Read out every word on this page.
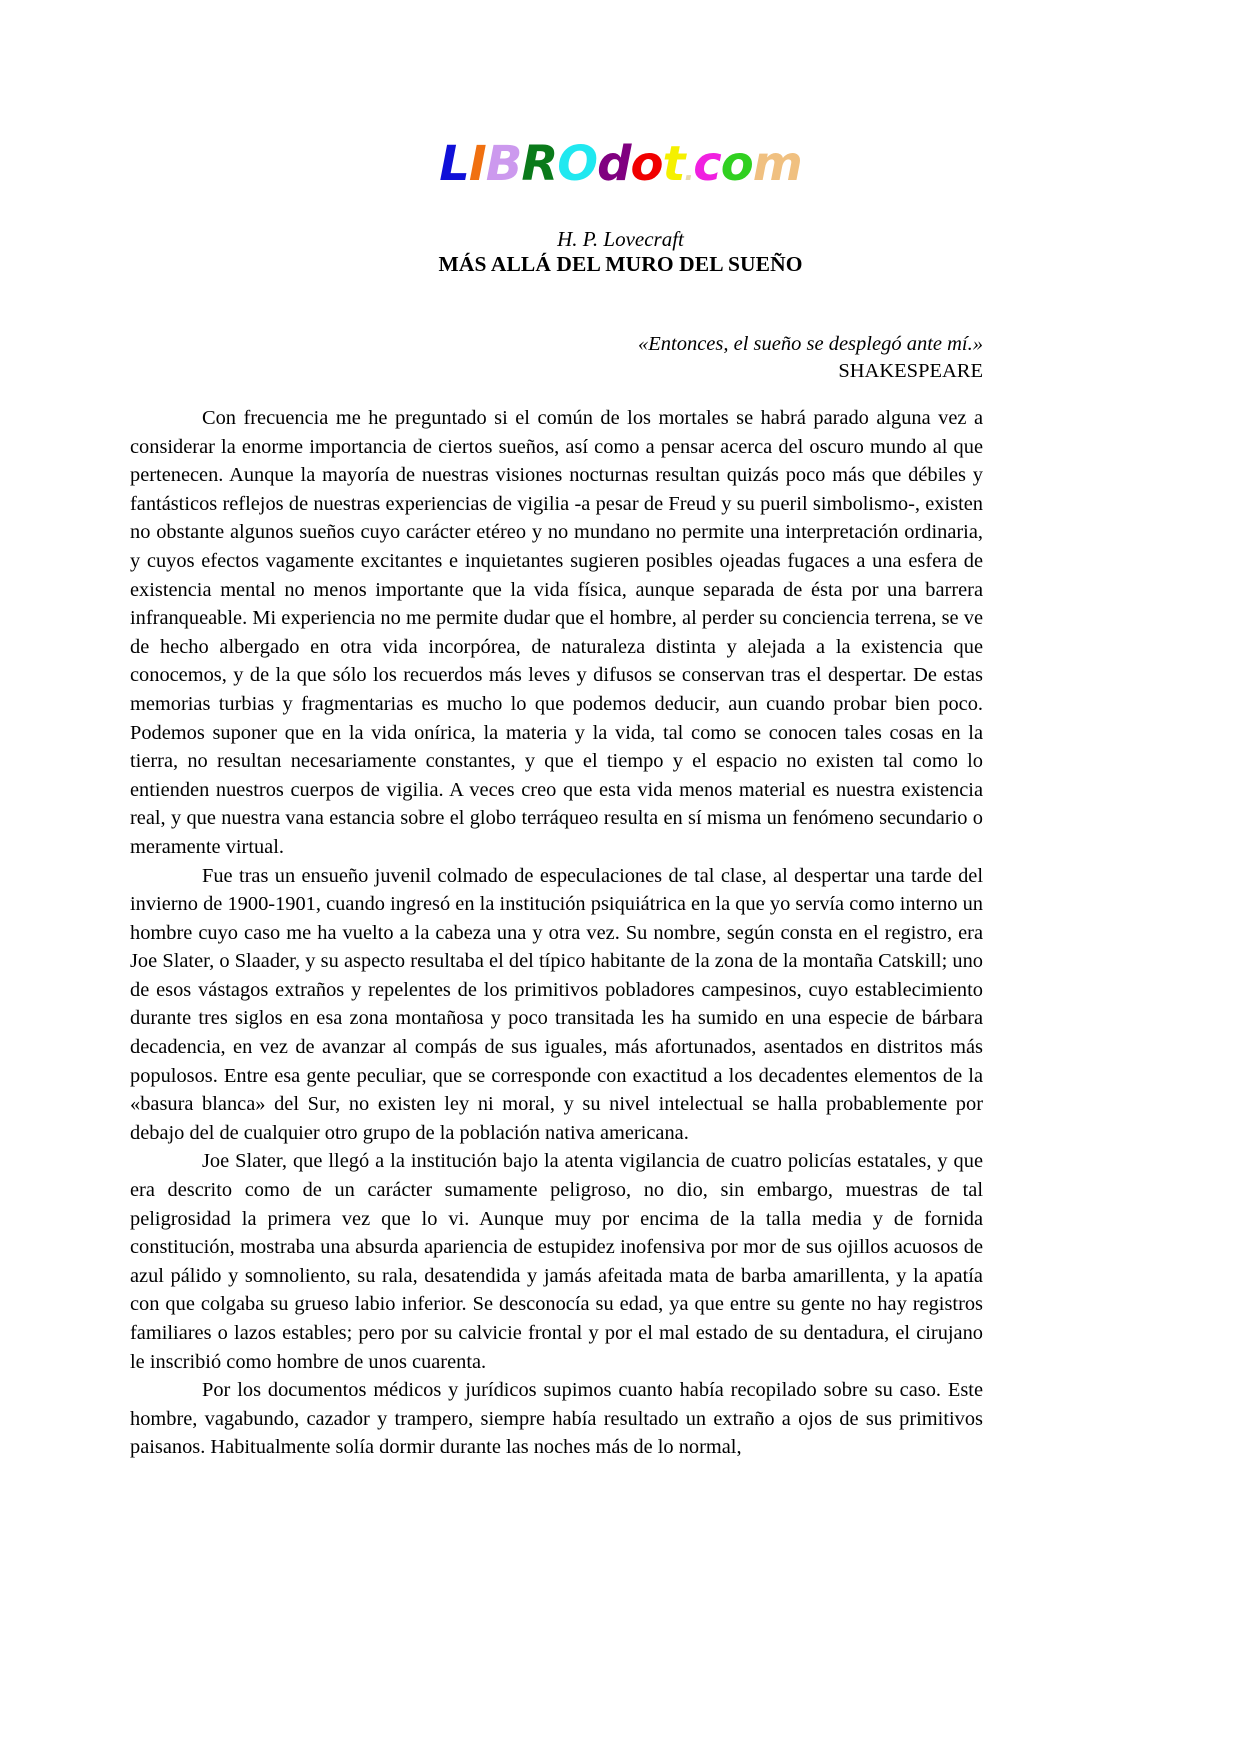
LIBROdot.com
H. P. Lovecraft
MÁS ALLÁ DEL MURO DEL SUEÑO
«Entonces, el sueño se desplegó ante mí.»
SHAKESPEARE

Con frecuencia me he preguntado si el común de los mortales se habrá parado alguna vez a considerar la enorme importancia de ciertos sueños, así como a pensar acerca del oscuro mundo al que pertenecen. Aunque la mayoría de nuestras visiones nocturnas resultan quizás poco más que débiles y fantásticos reflejos de nuestras experiencias de vigilia -a pesar de Freud y su pueril simbolismo-, existen no obstante algunos sueños cuyo carácter etéreo y no mundano no permite una interpretación ordinaria, y cuyos efectos vagamente excitantes e inquietantes sugieren posibles ojeadas fugaces a una esfera de existencia mental no menos importante que la vida física, aunque separada de ésta por una barrera infranqueable. Mi experiencia no me permite dudar que el hombre, al perder su conciencia terrena, se ve de hecho albergado en otra vida incorpórea, de naturaleza distinta y alejada a la existencia que conocemos, y de la que sólo los recuerdos más leves y difusos se conservan tras el despertar. De estas memorias turbias y fragmentarias es mucho lo que podemos deducir, aun cuando probar bien poco. Podemos suponer que en la vida onírica, la materia y la vida, tal como se conocen tales cosas en la tierra, no resultan necesariamente constantes, y que el tiempo y el espacio no existen tal como lo entienden nuestros cuerpos de vigilia. A veces creo que esta vida menos material es nuestra existencia real, y que nuestra vana estancia sobre el globo terráqueo resulta en sí misma un fenómeno secundario o meramente virtual.

Fue tras un ensueño juvenil colmado de especulaciones de tal clase, al despertar una tarde del invierno de 1900-1901, cuando ingresó en la institución psiquiátrica en la que yo servía como interno un hombre cuyo caso me ha vuelto a la cabeza una y otra vez. Su nombre, según consta en el registro, era Joe Slater, o Slaader, y su aspecto resultaba el del típico habitante de la zona de la montaña Catskill; uno de esos vástagos extraños y repelentes de los primitivos pobladores campesinos, cuyo establecimiento durante tres siglos en esa zona montañosa y poco transitada les ha sumido en una especie de bárbara decadencia, en vez de avanzar al compás de sus iguales, más afortunados, asentados en distritos más populosos. Entre esa gente peculiar, que se corresponde con exactitud a los decadentes elementos de la «basura blanca» del Sur, no existen ley ni moral, y su nivel intelectual se halla probablemente por debajo del de cualquier otro grupo de la población nativa americana.

Joe Slater, que llegó a la institución bajo la atenta vigilancia de cuatro policías estatales, y que era descrito como de un carácter sumamente peligroso, no dio, sin embargo, muestras de tal peligrosidad la primera vez que lo vi. Aunque muy por encima de la talla media y de fornida constitución, mostraba una absurda apariencia de estupidez inofensiva por mor de sus ojillos acuosos de azul pálido y somnoliento, su rala, desatendida y jamás afeitada mata de barba amarillenta, y la apatía con que colgaba su grueso labio inferior. Se desconocía su edad, ya que entre su gente no hay registros familiares o lazos estables; pero por su calvicie frontal y por el mal estado de su dentadura, el cirujano le inscribió como hombre de unos cuarenta.

Por los documentos médicos y jurídicos supimos cuanto había recopilado sobre su caso. Este hombre, vagabundo, cazador y trampero, siempre había resultado un extraño a ojos de sus primitivos paisanos. Habitualmente solía dormir durante las noches más de lo normal,
